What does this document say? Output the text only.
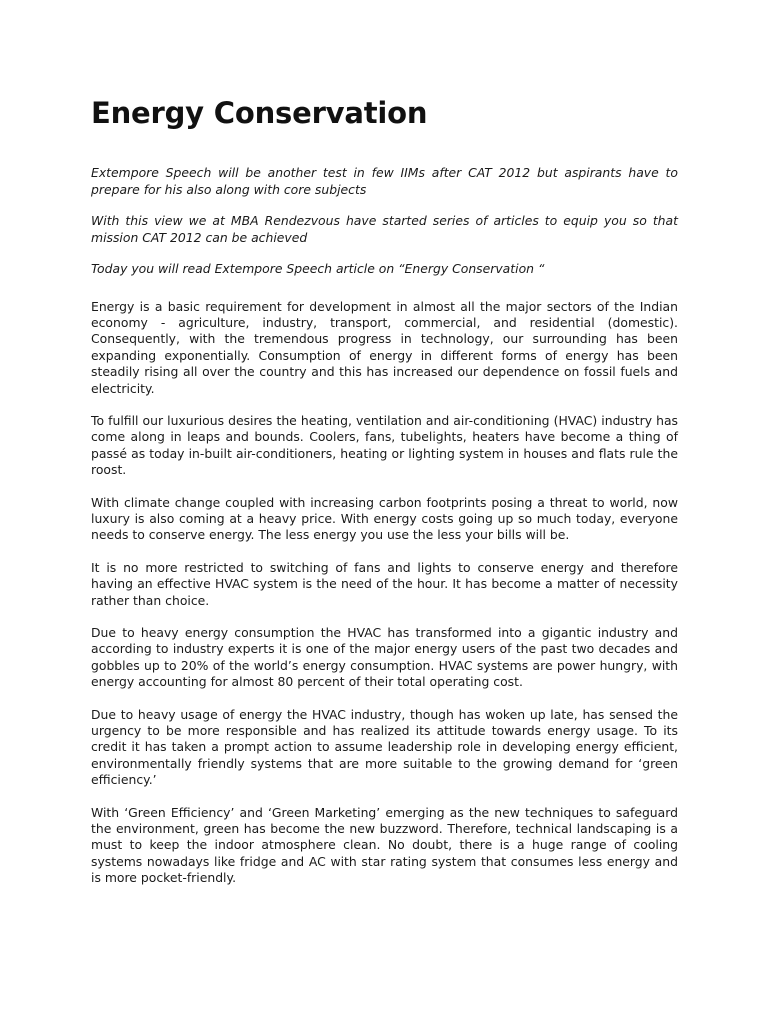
Energy Conservation

Extempore Speech will be another test in few IIMs after CAT 2012 but aspirants have to prepare for his also along with core subjects

With this view we at MBA Rendezvous have started series of articles to equip you so that mission CAT 2012 can be achieved

Today you will read Extempore Speech article on “Energy Conservation “

Energy is a basic requirement for development in almost all the major sectors of the Indian economy - agriculture, industry, transport, commercial, and residential (domestic). Consequently, with the tremendous progress in technology, our surrounding has been expanding exponentially. Consumption of energy in different forms of energy has been steadily rising all over the country and this has increased our dependence on fossil fuels and electricity.

To fulfill our luxurious desires the heating, ventilation and air-conditioning (HVAC) industry has come along in leaps and bounds. Coolers, fans, tubelights, heaters have become a thing of passé as today in-built air-conditioners, heating or lighting system in houses and flats rule the roost.

With climate change coupled with increasing carbon footprints posing a threat to world, now luxury is also coming at a heavy price. With energy costs going up so much today, everyone needs to conserve energy. The less energy you use the less your bills will be.

It is no more restricted to switching of fans and lights to conserve energy and therefore having an effective HVAC system is the need of the hour. It has become a matter of necessity rather than choice.

Due to heavy energy consumption the HVAC has transformed into a gigantic industry and according to industry experts it is one of the major energy users of the past two decades and gobbles up to 20% of the world’s energy consumption. HVAC systems are power hungry, with energy accounting for almost 80 percent of their total operating cost.

Due to heavy usage of energy the HVAC industry, though has woken up late, has sensed the urgency to be more responsible and has realized its attitude towards energy usage. To its credit it has taken a prompt action to assume leadership role in developing energy efficient, environmentally friendly systems that are more suitable to the growing demand for ‘green efficiency.’

With ‘Green Efficiency’ and ‘Green Marketing’ emerging as the new techniques to safeguard the environment, green has become the new buzzword. Therefore, technical landscaping is a must to keep the indoor atmosphere clean. No doubt, there is a huge range of cooling systems nowadays like fridge and AC with star rating system that consumes less energy and is more pocket-friendly.
